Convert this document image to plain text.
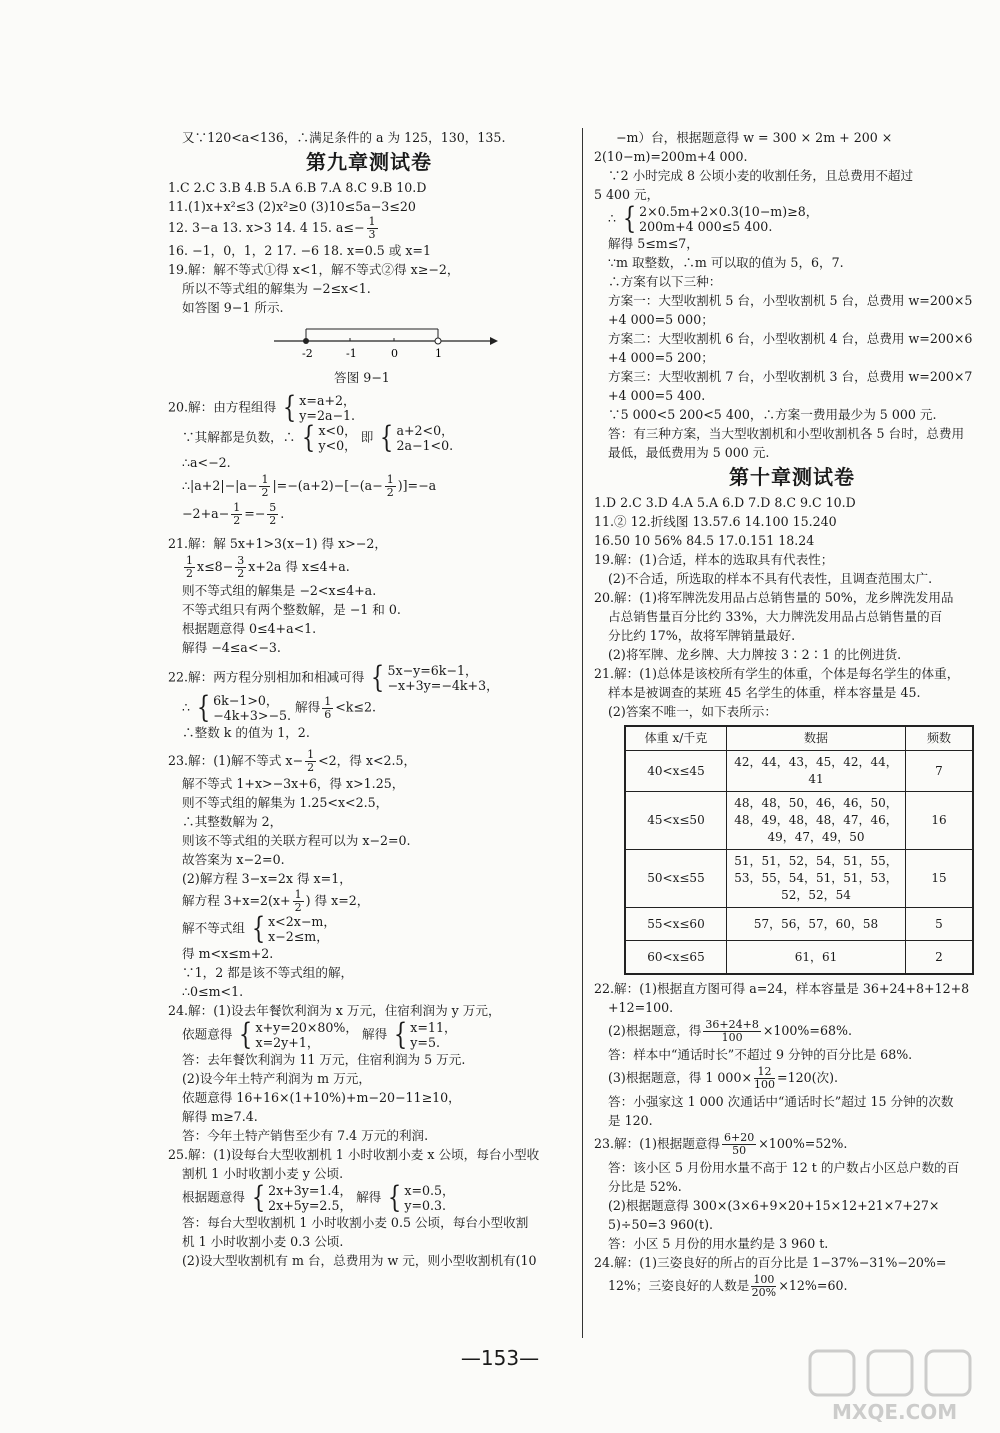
又∵120<a<136，∴满足条件的 a 为 125，130，135.
第九章测试卷
1.C 2.C 3.B 4.B 5.A 6.B 7.A 8.C 9.B 10.D
11.(1)x+x²≤3 (2)x²≥0 (3)10≤5a−3≤20
12. 3−a 13. x>3 14. 4 15. $a\le- \frac{1}{3}$
16. −1，0，1，2 17. −6 18. x=0.5 或 x=1
19.解：解不等式①得 x<1，解不等式②得 x≥−2，
所以不等式组的解集为 −2≤x<1.
如答图 9−1 所示.
-2	-1	0	1
答图 9−1
20.解：由方程组得 { x=a+2，
y=2a−1.
∵其解都是负数，∴ { x<0，
y<0，
即 { a+2<0，
2a−1<0.
∴a<−2.
∴|a+2|−|a− $\frac{1}{2} |=-(a+2)-[-(a- \frac{1}{2} )]=-a$
$-2+a- \frac{1}{2} =- \frac{5}{2}$ .
21.解：解 5x+1>3(x−1) 得 x>−2，
$\frac{1}{2} x\le 8- \frac{3}{2} x+2a$ 得 x≤4+a.
则不等式组的解集是 −2<x≤4+a.
不等式组只有两个整数解，是 −1 和 0.
根据题意得 0≤4+a<1.
解得 −4≤a<−3.
22.解：两方程分别相加和相减可得 { 5x−y=6k−1，
−x+3y=−4k+3，
∴ { 6k−1>0，
−4k+3>−5.
解得 $\frac{1}{6} <k\le 2$.
∴整数 k 的值为 1，2.
23.解：(1)解不等式 $x- \frac{1}{2} <2$，得 x<2.5，
解不等式 1+x>−3x+6，得 x>1.25，
则不等式组的解集为 1.25<x<2.5，
∴其整数解为 2，
则该不等式组的关联方程可以为 x−2=0.
故答案为 x−2=0.
(2)解方程 3−x=2x 得 x=1，
解方程 $3+x=2(x+ \frac{1}{2}$ ) 得 x=2，
解不等式组 { x<2x−m，
x−2≤m，
得 m<x≤m+2.
∵1，2 都是该不等式组的解，
∴0≤m<1.
24.解：(1)设去年餐饮利润为 x 万元，住宿利润为 y 万元，
依题意得 { x+y=20×80%，
x=2y+1，
解得 { x=11，
y=5.
答：去年餐饮利润为 11 万元，住宿利润为 5 万元.
(2)设今年土特产利润为 m 万元，
依题意得 16+16×(1+10%)+m−20−11≥10，
解得 m≥7.4.
答：今年土特产销售至少有 7.4 万元的利润.
25.解：(1)设每台大型收割机 1 小时收割小麦 x 公顷，每台小型收
割机 1 小时收割小麦 y 公顷.
根据题意得 { 2x+3y=1.4，
2x+5y=2.5，
解得 { x=0.5，
y=0.3.
答：每台大型收割机 1 小时收割小麦 0.5 公顷，每台小型收割
机 1 小时收割小麦 0.3 公顷.
(2)设大型收割机有 m 台，总费用为 w 元，则小型收割机有(10
−m）台，根据题意得 w = 300 × 2m + 200 ×
2(10−m)=200m+4 000.
∵2 小时完成 8 公顷小麦的收割任务，且总费用不超过
5 400 元，
∴ { 2×0.5m+2×0.3(10−m)≥8，
200m+4 000≤5 400.
解得 5≤m≤7，
∵m 取整数，∴m 可以取的值为 5，6，7.
∴方案有以下三种：
方案一：大型收割机 5 台，小型收割机 5 台，总费用 w=200×5
+4 000=5 000；
方案二：大型收割机 6 台，小型收割机 4 台，总费用 w=200×6
+4 000=5 200；
方案三：大型收割机 7 台，小型收割机 3 台，总费用 w=200×7
+4 000=5 400.
∵5 000<5 200<5 400，∴方案一费用最少为 5 000 元.
答：有三种方案，当大型收割机和小型收割机各 5 台时，总费用
最低，最低费用为 5 000 元.
第十章测试卷
1.D 2.C 3.D 4.A 5.A 6.D 7.D 8.C 9.C 10.D
11.② 12.折线图 13.57.6 14.100 15.240
16.50 10 56% 84.5 17.0.151 18.24
19.解：(1)合适，样本的选取具有代表性；
(2)不合适，所选取的样本不具有代表性，且调查范围太广.
20.解：(1)将军牌洗发用品占总销售量的 50%，龙乡牌洗发用品
占总销售量百分比约 33%，大力牌洗发用品占总销售量的百
分比约 17%，故将军牌销量最好.
(2)将军牌、龙乡牌、大力牌按 3∶2∶1 的比例进货.
21.解：(1)总体是该校所有学生的体重，个体是每名学生的体重，
样本是被调查的某班 45 名学生的体重，样本容量是 45.
(2)答案不唯一，如下表所示：
体重 x/千克	数据	频数
40<x≤45	42，44，43，45，42，44，41	7
45<x≤50	48，48，50，46，46，50，48，49，48，48，47，46，49，47，49，50	16
50<x≤55	51，51，52，54，51，55，53，55，54，51，51，53，52，52，54	15
55<x≤60	57，56，57，60，58	5
60<x≤65	61，61	2
22.解：(1)根据直方图可得 a=24，样本容量是 36+24+8+12+8
+12=100.
(2)根据题意，得 $\frac{36+24+8}{100} \times 100\%=68\%$.
答：样本中“通话时长”不超过 9 分钟的百分比是 68%.
(3)根据题意，得 1 $000\times \frac{12}{100} =120$(次).
答：小强家这 1 000 次通话中“通话时长”超过 15 分钟的次数
是 120.
23.解：(1)根据题意得 $\frac{6+20}{50} \times 100\%=52\%$.
答：该小区 5 月份用水量不高于 12 t 的户数占小区总户数的百
分比是 52%.
(2)根据题意得 300×(3×6+9×20+15×12+21×7+27×
5)÷50=3 960(t).
答：小区 5 月份的用水量约是 3 960 t.
24.解：(1)三姿良好的所占的百分比是 1−37%−31%−20%=
12%；三姿良好的人数是 $\frac{100}{20\%} \times 12\%=60$.
—153—
MXQE.COM
